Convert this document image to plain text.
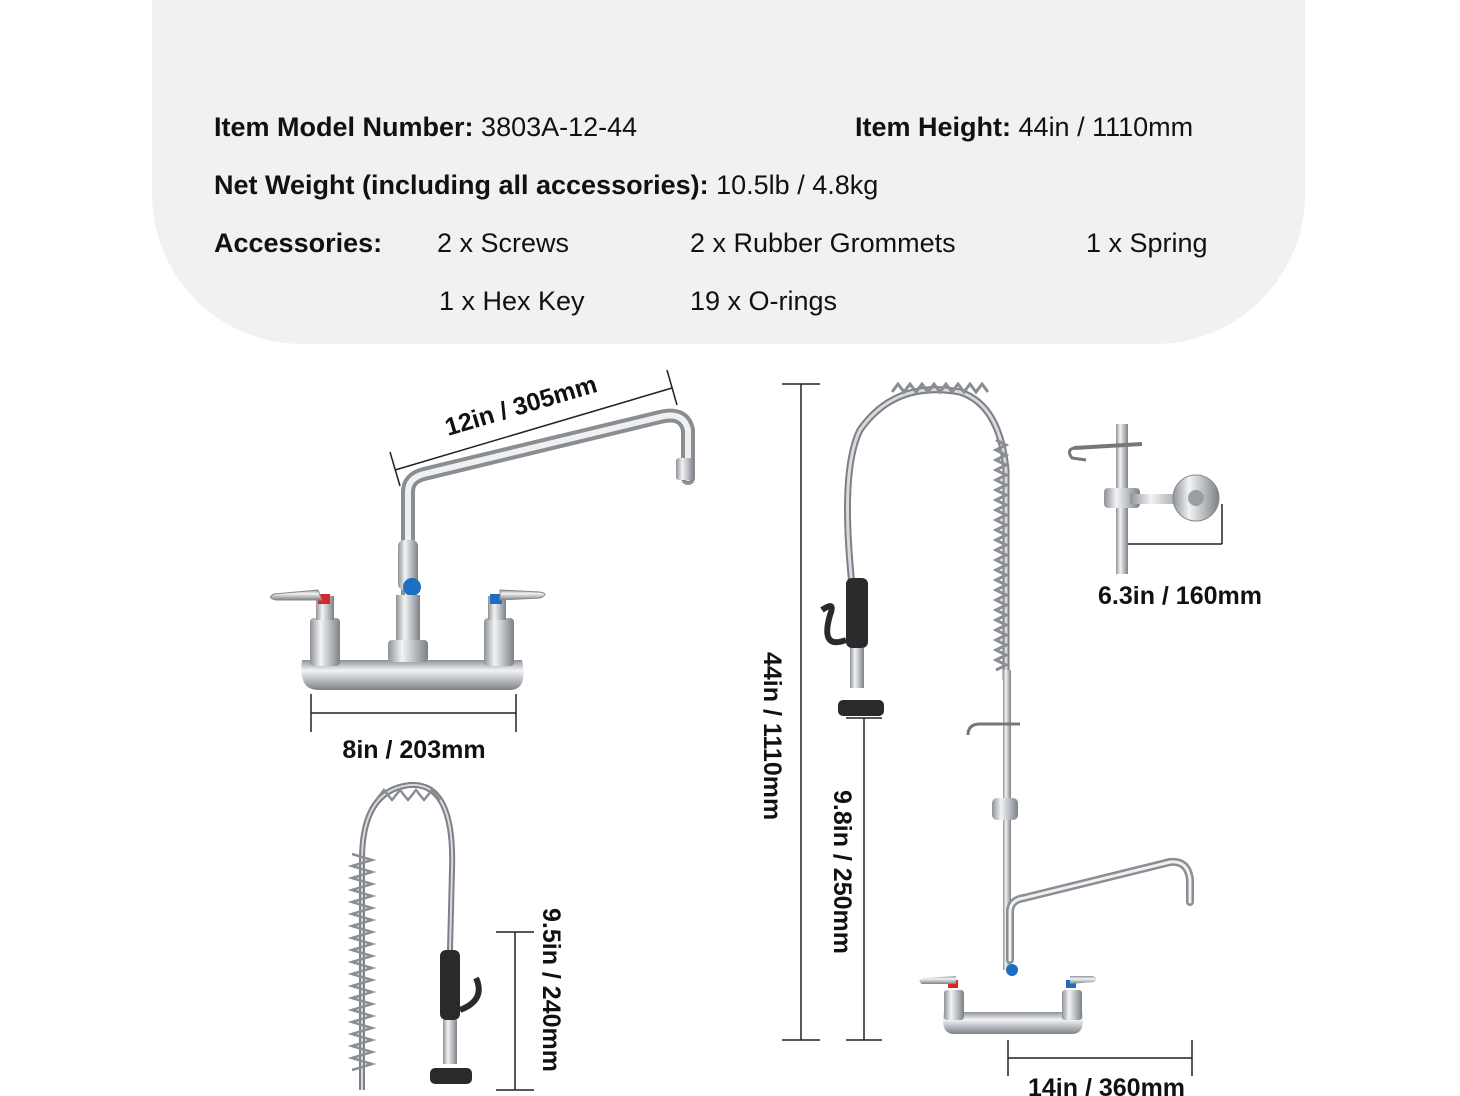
Item Model Number: 3803A-12-44	Item Height: 44in / 1110mm
Net Weight (including all accessories): 10.5lb / 4.8kg
Accessories: 2 x Screws	2 x Rubber Grommets	1 x Spring
1 x Hex Key	19 x O-rings
12in / 305mm
8in / 203mm	44in / 1110mm
9.8in / 250mm
6.3in / 160mm
9.5in / 240mm
14in / 360mm
